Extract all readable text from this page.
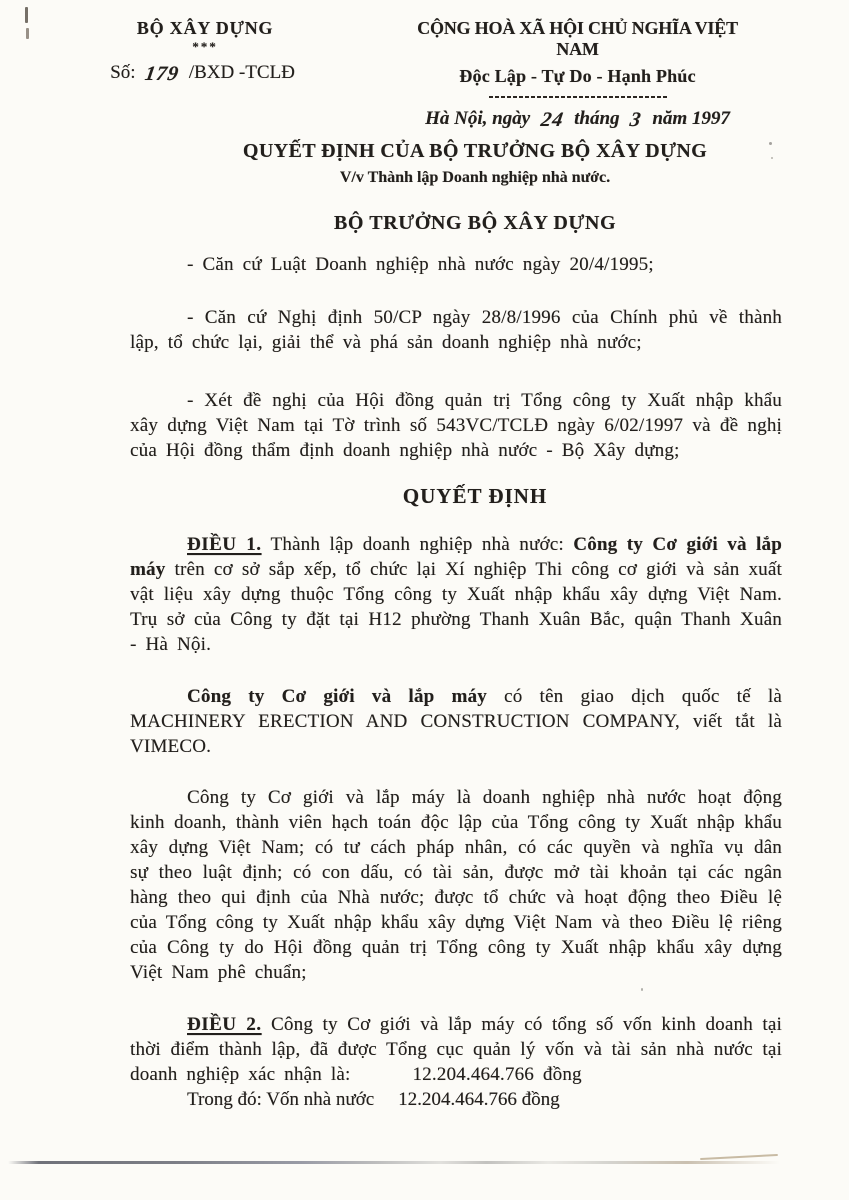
BỘ XÂY DỰNG
***
Số: 179 /BXD -TCLĐ
CỘNG HOÀ XÃ HỘI CHỦ NGHĨA VIỆT NAM
Độc Lập - Tự Do - Hạnh Phúc
Hà Nội, ngày 24 tháng 3 năm 1997
QUYẾT ĐỊNH CỦA BỘ TRƯỞNG BỘ XÂY DỰNG
V/v Thành lập Doanh nghiệp nhà nước.
BỘ TRƯỞNG BỘ XÂY DỰNG

- Căn cứ Luật Doanh nghiệp nhà nước ngày 20/4/1995;

- Căn cứ Nghị định 50/CP ngày 28/8/1996 của Chính phủ về thành lập, tổ chức lại, giải thể và phá sản doanh nghiệp nhà nước;

- Xét đề nghị của Hội đồng quản trị Tổng công ty Xuất nhập khẩu xây dựng Việt Nam tại Tờ trình số 543VC/TCLĐ ngày 6/02/1997 và đề nghị của Hội đồng thẩm định doanh nghiệp nhà nước - Bộ Xây dựng;

QUYẾT ĐỊNH

ĐIỀU 1. Thành lập doanh nghiệp nhà nước: Công ty Cơ giới và lắp máy trên cơ sở sắp xếp, tổ chức lại Xí nghiệp Thi công cơ giới và sản xuất vật liệu xây dựng thuộc Tổng công ty Xuất nhập khẩu xây dựng Việt Nam. Trụ sở của Công ty đặt tại H12 phường Thanh Xuân Bắc, quận Thanh Xuân - Hà Nội.

Công ty Cơ giới và lắp máy có tên giao dịch quốc tế là MACHINERY ERECTION AND CONSTRUCTION COMPANY, viết tắt là VIMECO.

Công ty Cơ giới và lắp máy là doanh nghiệp nhà nước hoạt động kinh doanh, thành viên hạch toán độc lập của Tổng công ty Xuất nhập khẩu xây dựng Việt Nam; có tư cách pháp nhân, có các quyền và nghĩa vụ dân sự theo luật định; có con dấu, có tài sản, được mở tài khoản tại các ngân hàng theo qui định của Nhà nước; được tổ chức và hoạt động theo Điều lệ của Tổng công ty Xuất nhập khẩu xây dựng Việt Nam và theo Điều lệ riêng của Công ty do Hội đồng quản trị Tổng công ty Xuất nhập khẩu xây dựng Việt Nam phê chuẩn;

ĐIỀU 2. Công ty Cơ giới và lắp máy có tổng số vốn kinh doanh tại thời điểm thành lập, đã được Tổng cục quản lý vốn và tài sản nhà nước tại doanh nghiệp xác nhận là:	12.204.464.766 đồng

Trong đó: Vốn nhà nước 12.204.464.766 đồng
